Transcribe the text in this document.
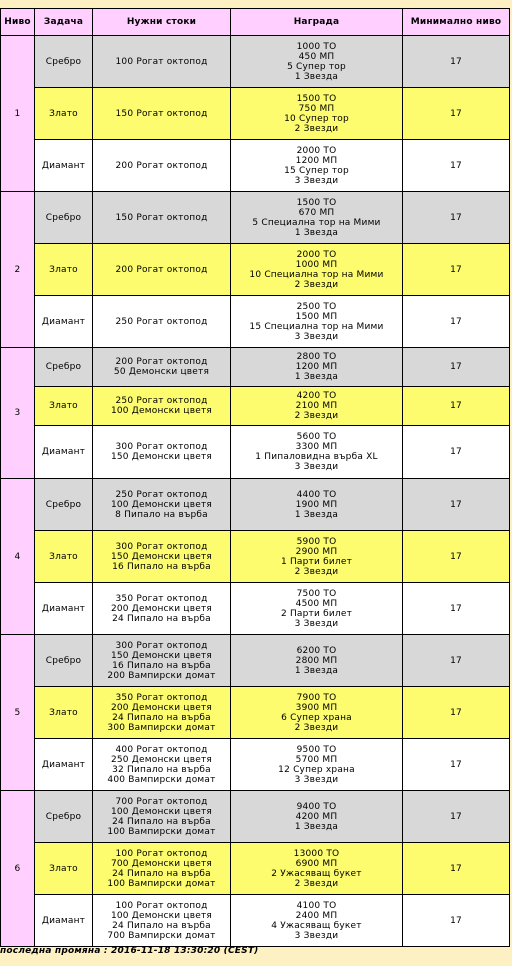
Ниво	Задача	Нужни стоки	Награда	Минимално ниво
1	Сребро	100 Рогат октопод	1000 ТО
450 МП
5 Супер тор
1 Звезда	17
	Злато	150 Рогат октопод	1500 ТО
750 МП
10 Супер тор
2 Звезди	17
	Диамант	200 Рогат октопод	2000 ТО
1200 МП
15 Супер тор
3 Звезди	17
2	Сребро	150 Рогат октопод	1500 ТО
670 МП
5 Специална тор на Мими
1 Звезда	17
	Злато	200 Рогат октопод	2000 ТО
1000 МП
10 Специална тор на Мими
2 Звезди	17
	Диамант	250 Рогат октопод	2500 ТО
1500 МП
15 Специална тор на Мими
3 Звезди	17
3	Сребро	200 Рогат октопод
50 Демонски цветя	2800 ТО
1200 МП
1 Звезда	17
	Злато	250 Рогат октопод
100 Демонски цветя	4200 ТО
2100 МП
2 Звезди	17
	Диамант	300 Рогат октопод
150 Демонски цветя	5600 ТО
3300 МП
1 Пипаловидна върба XL
3 Звезди	17
4	Сребро	250 Рогат октопод
100 Демонски цветя
8 Пипало на върба	4400 ТО
1900 МП
1 Звезда	17
	Злато	300 Рогат октопод
150 Демонски цветя
16 Пипало на върба	5900 ТО
2900 МП
1 Парти билет
2 Звезди	17
	Диамант	350 Рогат октопод
200 Демонски цветя
24 Пипало на върба	7500 ТО
4500 МП
2 Парти билет
3 Звезди	17
5	Сребро	300 Рогат октопод
150 Демонски цветя
16 Пипало на върба
200 Вампирски домат	6200 ТО
2800 МП
1 Звезда	17
	Злато	350 Рогат октопод
200 Демонски цветя
24 Пипало на върба
300 Вампирски домат	7900 ТО
3900 МП
6 Супер храна
2 Звезди	17
	Диамант	400 Рогат октопод
250 Демонски цветя
32 Пипало на върба
400 Вампирски домат	9500 ТО
5700 МП
12 Супер храна
3 Звезди	17
6	Сребро	700 Рогат октопод
100 Демонски цветя
24 Пипало на върба
100 Вампирски домат	9400 ТО
4200 МП
1 Звезда	17
	Злато	100 Рогат октопод
700 Демонски цветя
24 Пипало на върба
100 Вампирски домат	13000 ТО
6900 МП
2 Ужасяващ букет
2 Звезди	17
	Диамант	100 Рогат октопод
100 Демонски цветя
24 Пипало на върба
700 Вампирски домат	4100 ТО
2400 МП
4 Ужасяващ букет
3 Звезди	17
последна промяна : 2016-11-18 13:30:20 (CEST)
